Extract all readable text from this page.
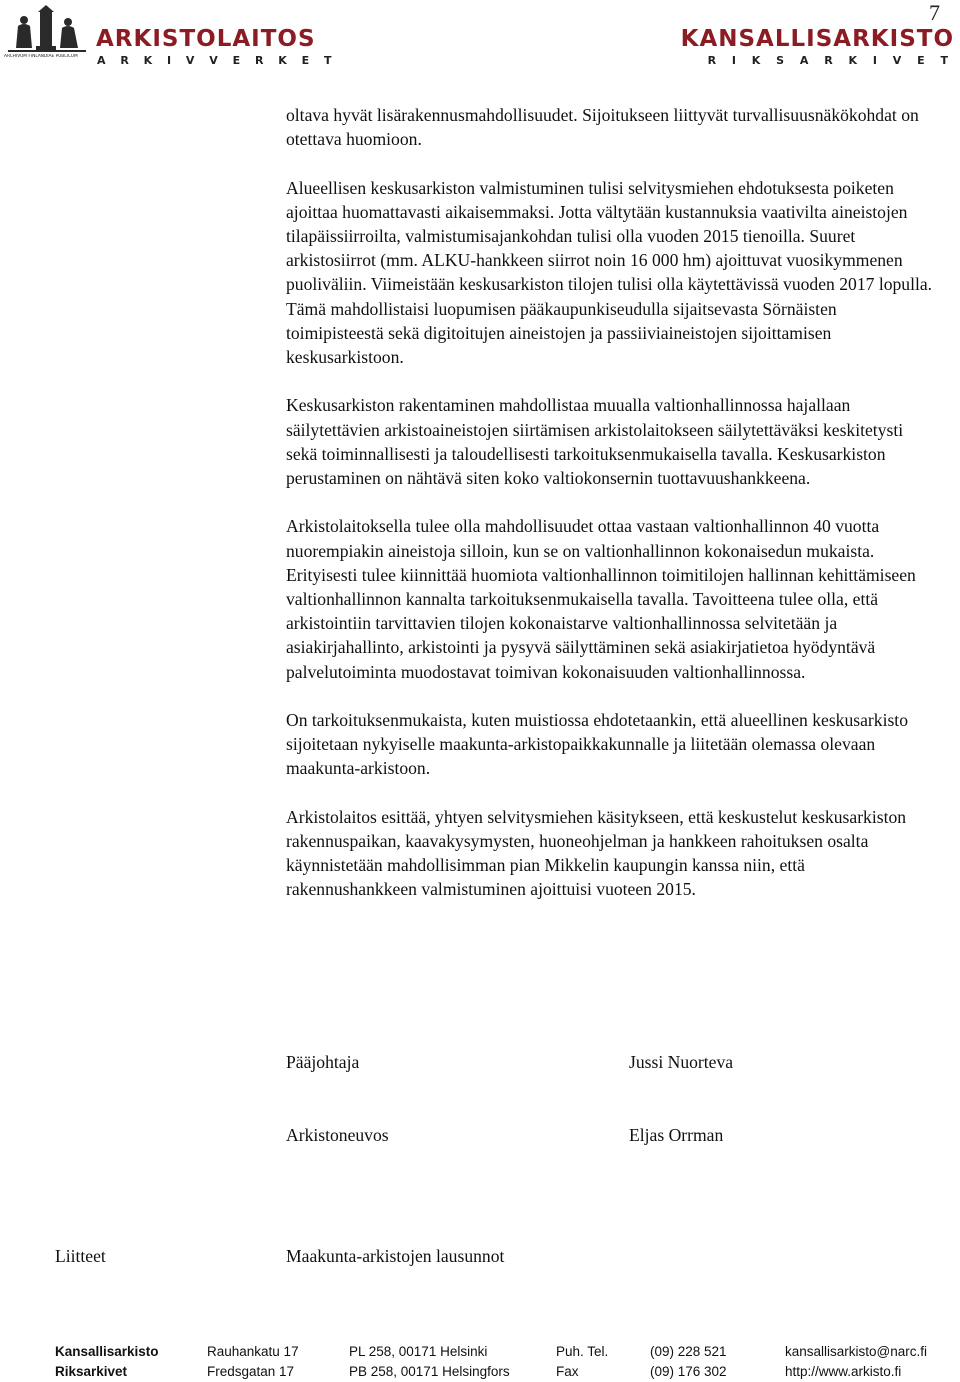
7
ARCHIVUM FINLANDIAE PUBLICUM
ARKISTOLAITOS
A R K I V V E R K E T
KANSALLISARKISTO
R I K S A R K I V E T

oltava hyvät lisärakennusmahdollisuudet. Sijoitukseen liittyvät turvallisuusnäkökohdat on otettava huomioon.

Alueellisen keskusarkiston valmistuminen tulisi selvitysmiehen ehdotuksesta poiketen ajoittaa huomattavasti aikaisemmaksi. Jotta vältytään kustannuksia vaativilta aineistojen tilapäissiirroilta, valmistumisajankohdan tulisi olla vuoden 2015 tienoilla. Suuret arkistosiirrot (mm. ALKU-hankkeen siirrot noin 16 000 hm) ajoittuvat vuosikymmenen puoliväliin. Viimeistään keskusarkiston tilojen tulisi olla käytettävissä vuoden 2017 lopulla. Tämä mahdollistaisi luopumisen pääkaupunkiseudulla sijaitsevasta Sörnäisten toimipisteestä sekä digitoitujen aineistojen ja passiiviaineistojen sijoittamisen keskusarkistoon.

Keskusarkiston rakentaminen mahdollistaa muualla valtionhallinnossa hajallaan säilytettävien arkistoaineistojen siirtämisen arkistolaitokseen säilytettäväksi keskitetysti sekä toiminnallisesti ja taloudellisesti tarkoituksenmukaisella tavalla. Keskusarkiston perustaminen on nähtävä siten koko valtiokonsernin tuottavuushankkeena.

Arkistolaitoksella tulee olla mahdollisuudet ottaa vastaan valtionhallinnon 40 vuotta nuorempiakin aineistoja silloin, kun se on valtionhallinnon kokonaisedun mukaista. Erityisesti tulee kiinnittää huomiota valtionhallinnon toimitilojen hallinnan kehittämiseen valtionhallinnon kannalta tarkoituksenmukaisella tavalla. Tavoitteena tulee olla, että arkistointiin tarvittavien tilojen kokonaistarve valtionhallinnossa selvitetään ja asiakirjahallinto, arkistointi ja pysyvä säilyttäminen sekä asiakirjatietoa hyödyntävä palvelutoiminta muodostavat toimivan kokonaisuuden valtionhallinnossa.

On tarkoituksenmukaista, kuten muistiossa ehdotetaankin, että alueellinen keskusarkisto sijoitetaan nykyiselle maakunta-arkistopaikkakunnalle ja liitetään olemassa olevaan maakunta-arkistoon.

Arkistolaitos esittää, yhtyen selvitysmiehen käsitykseen, että keskustelut keskusarkiston rakennuspaikan, kaavakysymysten, huoneohjelman ja hankkeen rahoituksen osalta käynnistetään mahdollisimman pian Mikkelin kaupungin kanssa niin, että rakennushankkeen valmistuminen ajoittuisi vuoteen 2015.

Pääjohtaja	Jussi Nuorteva
Arkistoneuvos	Eljas Orrman
Liitteet	Maakunta-arkistojen lausunnot
Kansallisarkisto	Rauhankatu 17	PL 258, 00171 Helsinki	Puh. Tel.	(09) 228 521	kansallisarkisto@narc.fi
Riksarkivet	Fredsgatan 17	PB 258, 00171 Helsingfors	Fax	(09) 176 302	http://www.arkisto.fi
